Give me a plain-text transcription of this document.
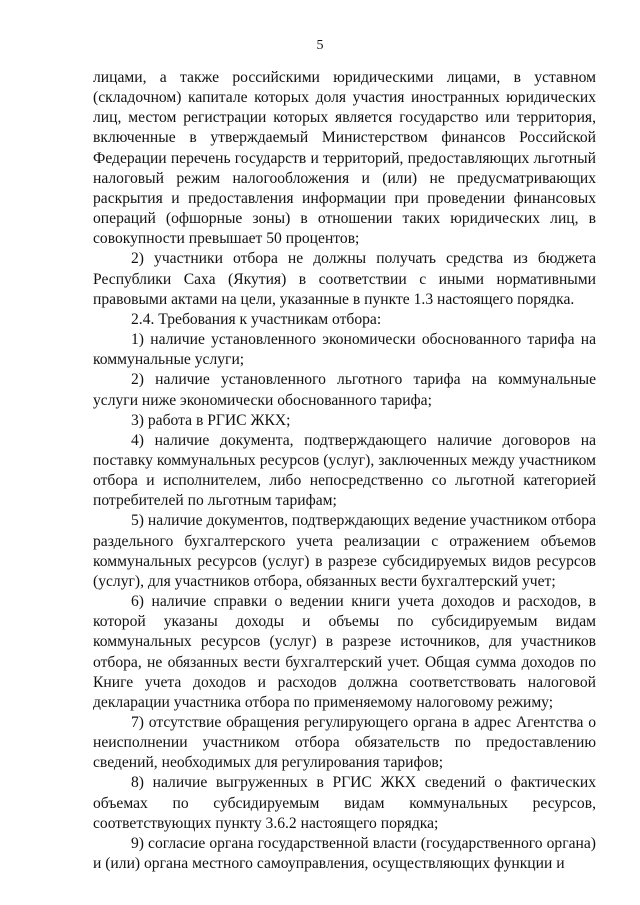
5

лицами, а также российскими юридическими лицами, в уставном (складочном) капитале которых доля участия иностранных юридических лиц, местом регистрации которых является государство или территория, включенные в утверждаемый Министерством финансов Российской Федерации перечень государств и территорий, предоставляющих льготный налоговый режим налогообложения и (или) не предусматривающих раскрытия и предоставления информации при проведении финансовых операций (офшорные зоны) в отношении таких юридических лиц, в совокупности превышает 50 процентов;

2) участники отбора не должны получать средства из бюджета Республики Саха (Якутия) в соответствии с иными нормативными правовыми актами на цели, указанные в пункте 1.3 настоящего порядка.

2.4. Требования к участникам отбора:

1) наличие установленного экономически обоснованного тарифа на коммунальные услуги;

2) наличие установленного льготного тарифа на коммунальные услуги ниже экономически обоснованного тарифа;

3) работа в РГИС ЖКХ;

4) наличие документа, подтверждающего наличие договоров на поставку коммунальных ресурсов (услуг), заключенных между участником отбора и исполнителем, либо непосредственно со льготной категорией потребителей по льготным тарифам;

5) наличие документов, подтверждающих ведение участником отбора раздельного бухгалтерского учета реализации с отражением объемов коммунальных ресурсов (услуг) в разрезе субсидируемых видов ресурсов (услуг), для участников отбора, обязанных вести бухгалтерский учет;

6) наличие справки о ведении книги учета доходов и расходов, в которой указаны доходы и объемы по субсидируемым видам коммунальных ресурсов (услуг) в разрезе источников, для участников отбора, не обязанных вести бухгалтерский учет. Общая сумма доходов по Книге учета доходов и расходов должна соответствовать налоговой декларации участника отбора по применяемому налоговому режиму;

7) отсутствие обращения регулирующего органа в адрес Агентства о неисполнении участником отбора обязательств по предоставлению сведений, необходимых для регулирования тарифов;

8) наличие выгруженных в РГИС ЖКХ сведений о фактических объемах по субсидируемым видам коммунальных ресурсов, соответствующих пункту 3.6.2 настоящего порядка;

9) согласие органа государственной власти (государственного органа) и (или) органа местного самоуправления, осуществляющих функции и
